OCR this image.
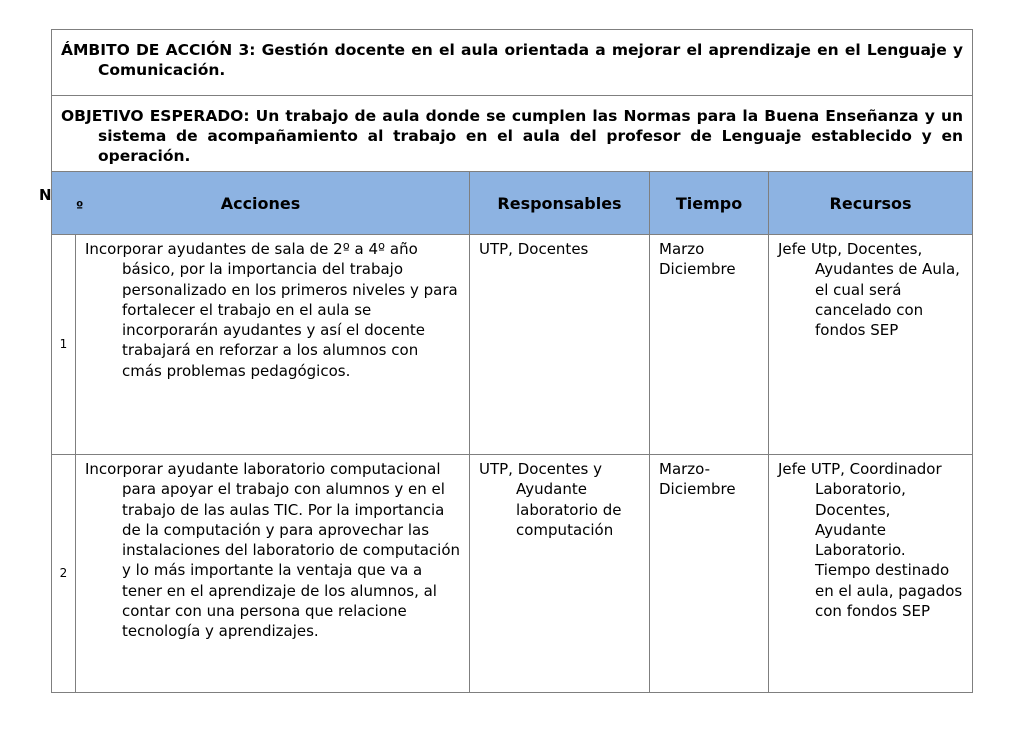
ÁMBITO DE ACCIÓN 3: Gestión docente en el aula orientada a mejorar el aprendizaje en el Lenguaje y Comunicación.				

OBJETIVO ESPERADO: Un trabajo de aula donde se cumplen las Normas para la Buena Enseñanza y un sistema de acompañamiento al trabajo en el aula del profesor de Lenguaje establecido y en operación.				

N
º Acciones		Responsables	Tiempo	Recursos
1	Incorporar ayudantes de sala de 2º a 4º año básico, por la importancia del trabajo personalizado en los primeros niveles y para fortalecer el trabajo en el aula se incorporarán ayudantes y así el docente trabajará en reforzar a los alumnos con cmás problemas pedagógicos.	UTP, Docentes	Marzo
Diciembre	Jefe Utp, Docentes, Ayudantes de Aula, el cual será cancelado con fondos SEP

2	Incorporar ayudante laboratorio computacional para apoyar el trabajo con alumnos y en el trabajo de las aulas TIC. Por la importancia de la computación y para aprovechar las instalaciones del laboratorio de computación y lo más importante la ventaja que va a tener en el aprendizaje de los alumnos, al contar con una persona que relacione tecnología y aprendizajes.	UTP, Docentes y Ayudante laboratorio de computación	Marzo-
Diciembre	Jefe UTP, Coordinador Laboratorio, Docentes, Ayudante Laboratorio. Tiempo destinado en el aula, pagados con fondos SEP
